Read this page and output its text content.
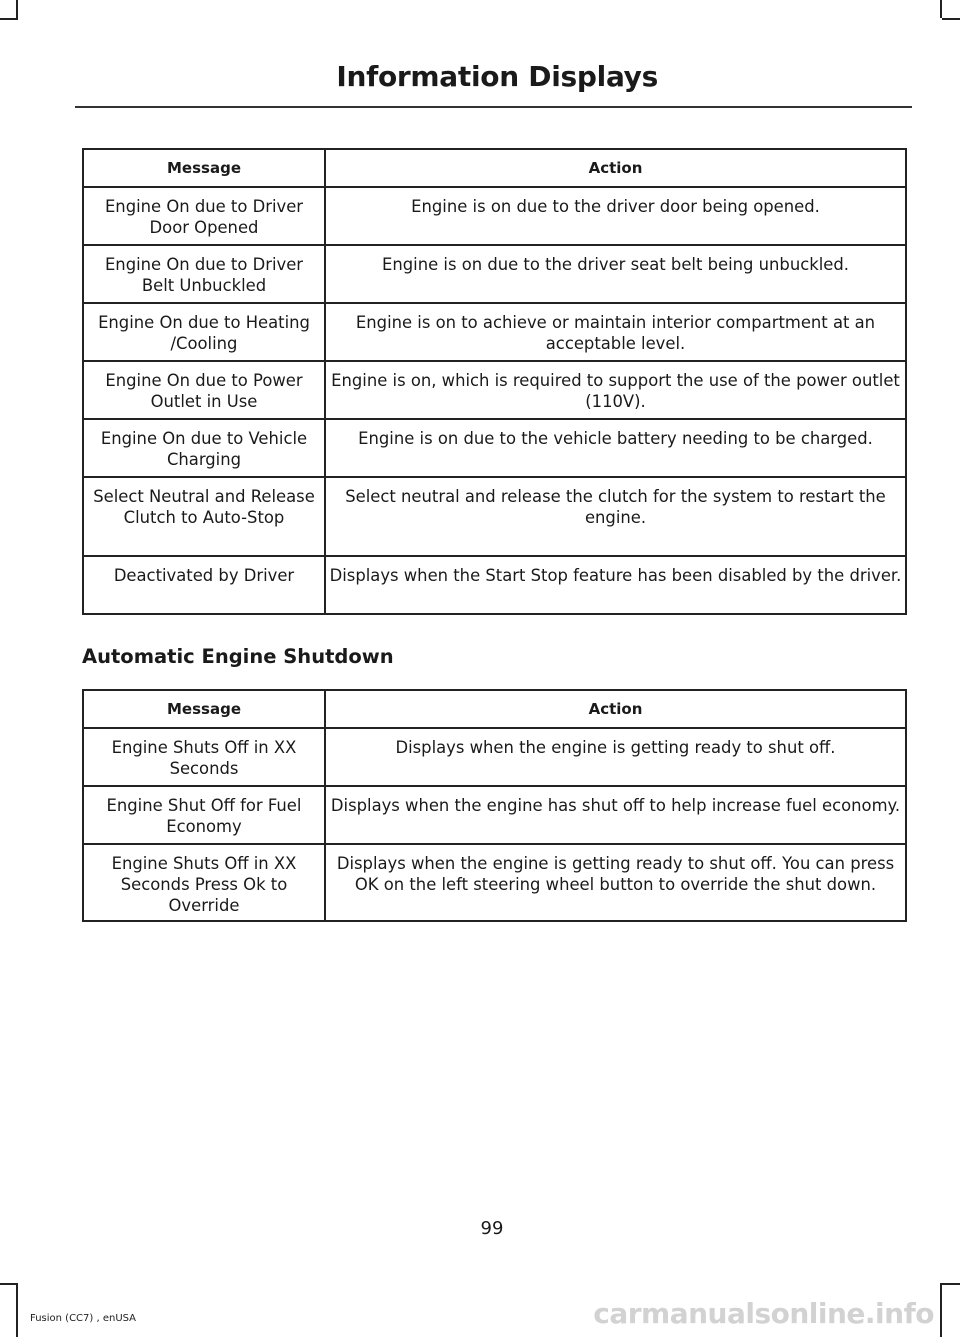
Information Displays
Message	Action
Engine On due to Driver Door Opened	Engine is on due to the driver door being opened.
Engine On due to Driver Belt Unbuckled	Engine is on due to the driver seat belt being unbuckled.
Engine On due to Heating /Cooling	Engine is on to achieve or maintain interior compartment at an acceptable level.
Engine On due to Power Outlet in Use	Engine is on, which is required to support the use of the power outlet (110V).
Engine On due to Vehicle Charging	Engine is on due to the vehicle battery needing to be charged.
Select Neutral and Release Clutch to Auto-Stop	Select neutral and release the clutch for the system to restart the engine.
Deactivated by Driver	Displays when the Start Stop feature has been disabled by the driver.
Automatic Engine Shutdown
Message	Action
Engine Shuts Off in XX Seconds	Displays when the engine is getting ready to shut off.
Engine Shut Off for Fuel Economy	Displays when the engine has shut off to help increase fuel economy.
Engine Shuts Off in XX Seconds Press Ok to Override	Displays when the engine is getting ready to shut off. You can press OK on the left steering wheel button to override the shut down.
99
Fusion (CC7) , enUSA	carmanualsonline.info
